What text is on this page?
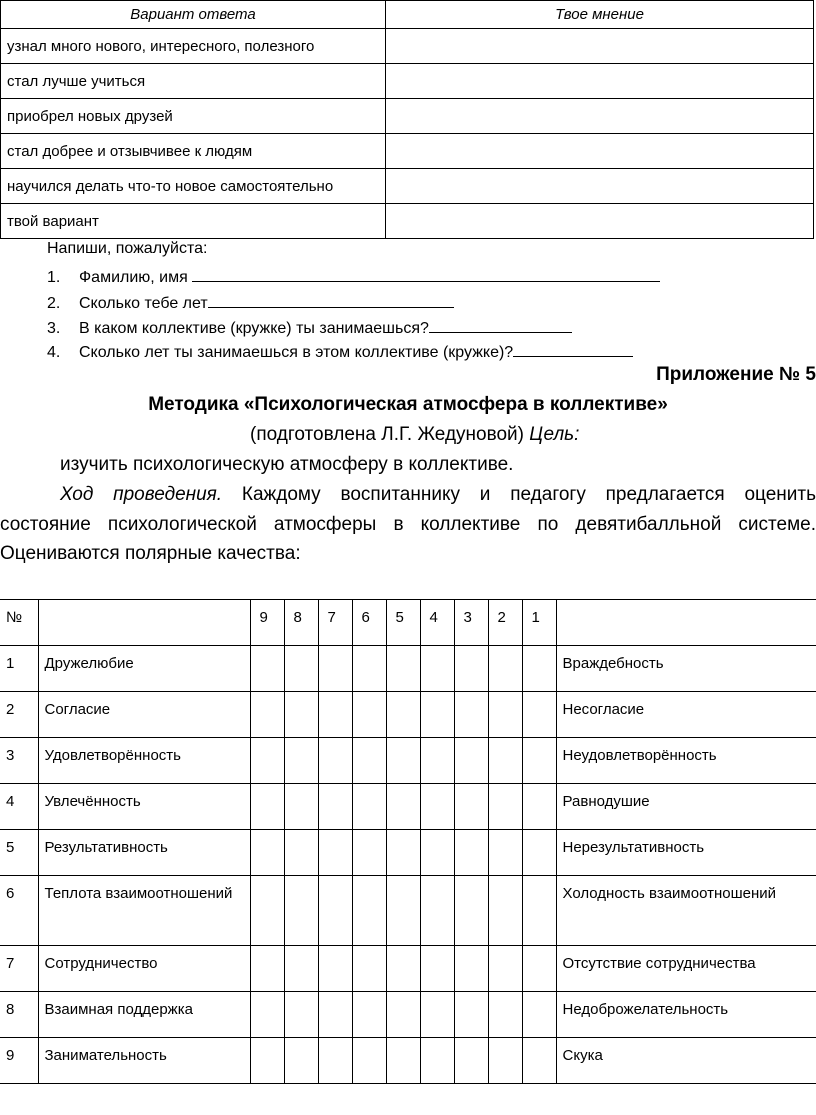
Вариант ответа	Твое мнение
узнал много нового, интересного, полезного	
стал лучше учиться	
приобрел новых друзей	
стал добрее и отзывчивее к людям	
научился делать что-то новое самостоятельно	
твой вариант	
Напиши, пожалуйста:
1. Фамилию, имя
2. Сколько тебе лет
3. В каком коллективе (кружке) ты занимаешься?
4. Сколько лет ты занимаешься в этом коллективе (кружке)?
Приложение № 5
Методика «Психологическая атмосфера в коллективе»
(подготовлена Л.Г. Жедуновой) Цель:
изучить психологическую атмосферу в коллективе.
Ход проведения. Каждому воспитаннику и педагогу предлагается оценить
состояние психологической атмосферы в коллективе по девятибалльной системе.
Оцениваются полярные качества:
№		9	8	7	6	5	4	3	2	1	
1	Дружелюбие										Враждебность
2	Согласие										Несогласие
3	Удовлетворённость										Неудовлетворённость
4	Увлечённость										Равнодушие
5	Результативность										Нерезультативность
6	Теплота взаимоотношений										Холодность взаимоотношений
7	Сотрудничество										Отсутствие сотрудничества
8	Взаимная поддержка										Недоброжелательность
9	Занимательность										Скука
